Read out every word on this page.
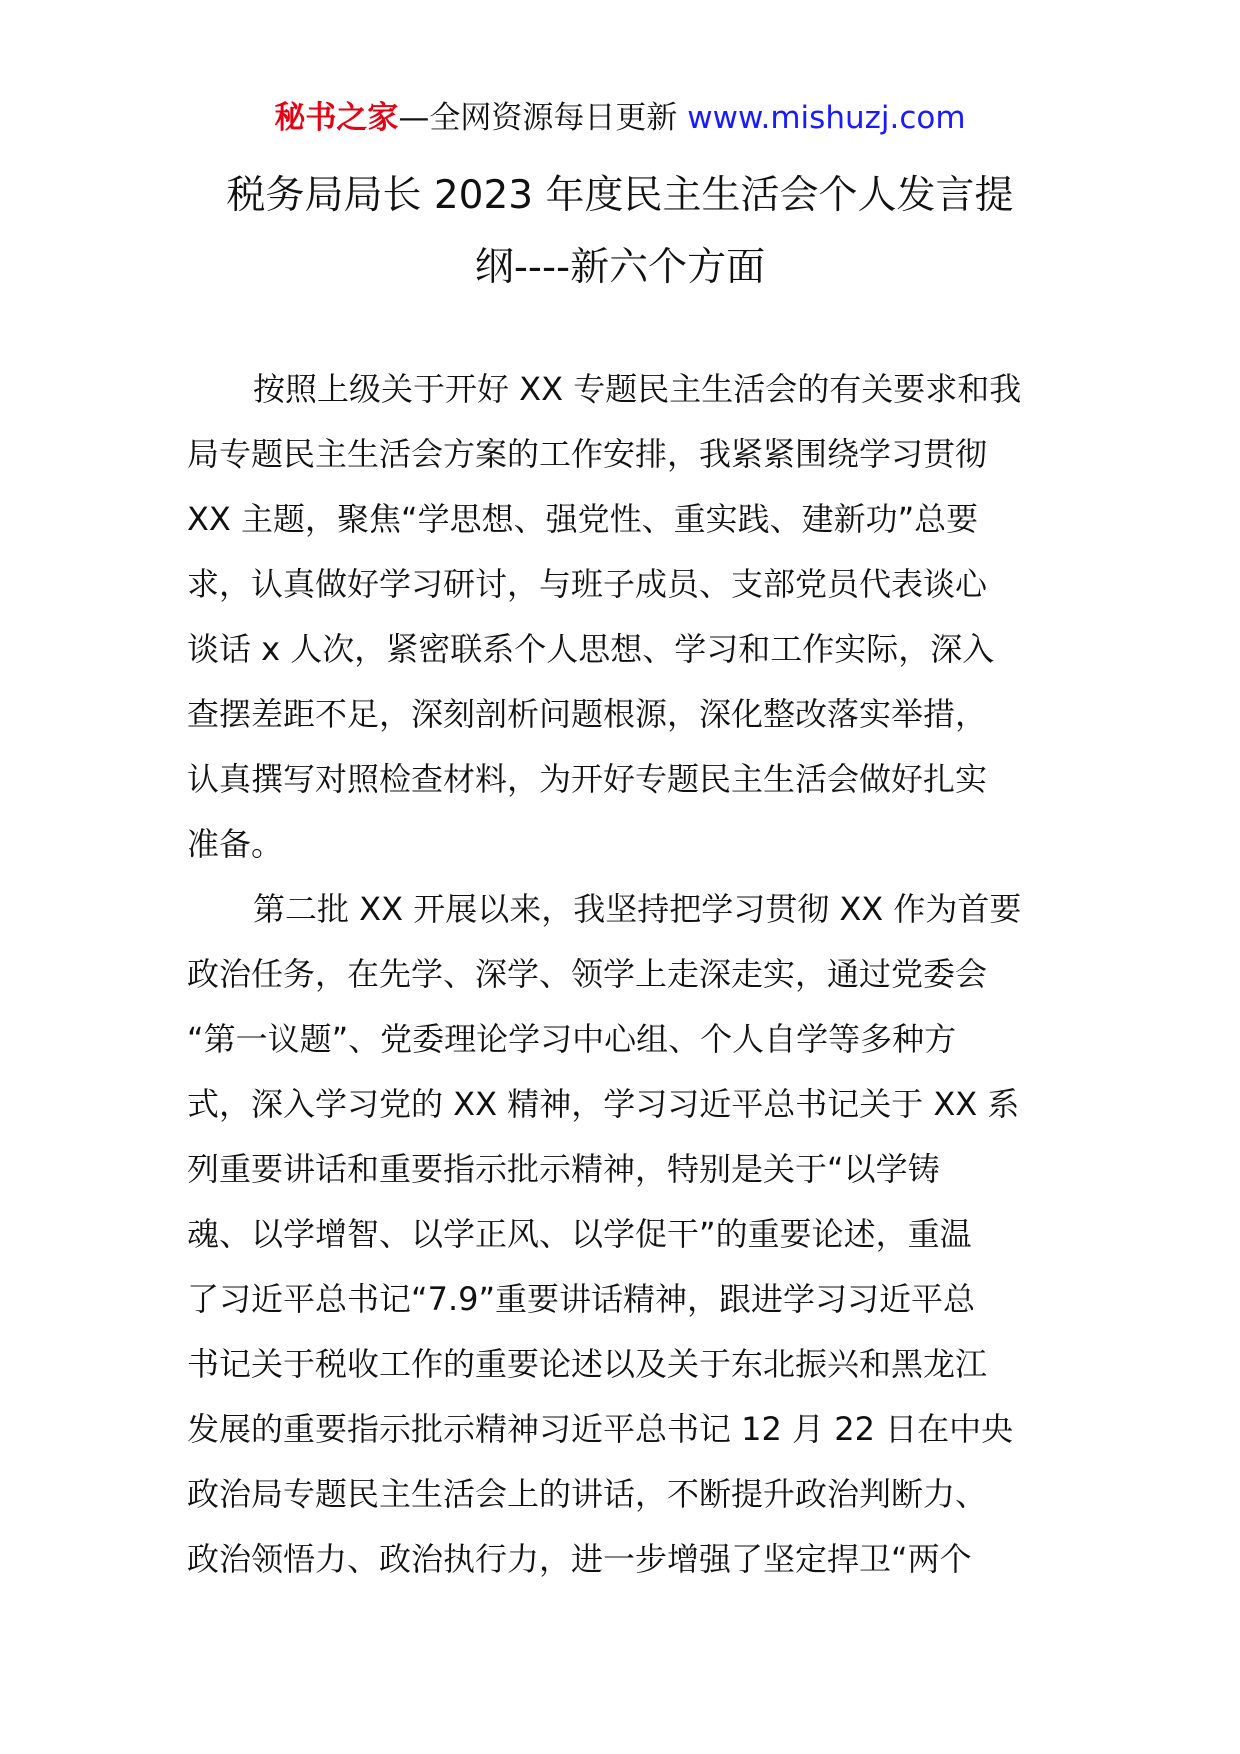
秘书之家—全网资源每日更新 www.mishuzj.com
税务局局长 2023 年度民主生活会个人发言提
纲----新六个方面
按照上级关于开好 XX 专题民主生活会的有关要求和我
局专题民主生活会方案的工作安排，我紧紧围绕学习贯彻
XX 主题，聚焦“学思想、强党性、重实践、建新功”总要
求，认真做好学习研讨，与班子成员、支部党员代表谈心
谈话 x 人次，紧密联系个人思想、学习和工作实际，深入
查摆差距不足，深刻剖析问题根源，深化整改落实举措，
认真撰写对照检查材料，为开好专题民主生活会做好扎实
准备。
第二批 XX 开展以来，我坚持把学习贯彻 XX 作为首要
政治任务，在先学、深学、领学上走深走实，通过党委会
“第一议题”、党委理论学习中心组、个人自学等多种方
式，深入学习党的 XX 精神，学习习近平总书记关于 XX 系
列重要讲话和重要指示批示精神，特别是关于“以学铸
魂、以学增智、以学正风、以学促干”的重要论述，重温
了习近平总书记“7.9”重要讲话精神，跟进学习习近平总
书记关于税收工作的重要论述以及关于东北振兴和黑龙江
发展的重要指示批示精神习近平总书记 12 月 22 日在中央
政治局专题民主生活会上的讲话，不断提升政治判断力、
政治领悟力、政治执行力，进一步增强了坚定捍卫“两个
